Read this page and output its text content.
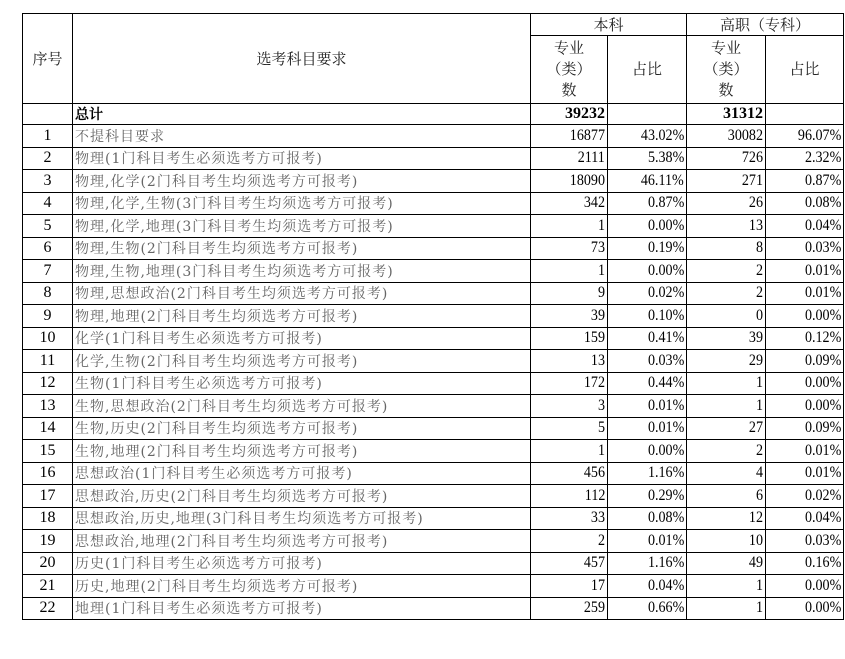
序号	选考科目要求	本科		高职（专科）	
		专业
（类）
数	占比	专业
（类）
数	占比
	总计	39232		31312	
1	不提科目要求	16877	43.02%	30082	96.07%
2	物理(1门科目考生必须选考方可报考)	2111	5.38%	726	2.32%
3	物理,化学(2门科目考生均须选考方可报考)	18090	46.11%	271	0.87%
4	物理,化学,生物(3门科目考生均须选考方可报考)	342	0.87%	26	0.08%
5	物理,化学,地理(3门科目考生均须选考方可报考)	1	0.00%	13	0.04%
6	物理,生物(2门科目考生均须选考方可报考)	73	0.19%	8	0.03%
7	物理,生物,地理(3门科目考生均须选考方可报考)	1	0.00%	2	0.01%
8	物理,思想政治(2门科目考生均须选考方可报考)	9	0.02%	2	0.01%
9	物理,地理(2门科目考生均须选考方可报考)	39	0.10%	0	0.00%
10	化学(1门科目考生必须选考方可报考)	159	0.41%	39	0.12%
11	化学,生物(2门科目考生均须选考方可报考)	13	0.03%	29	0.09%
12	生物(1门科目考生必须选考方可报考)	172	0.44%	1	0.00%
13	生物,思想政治(2门科目考生均须选考方可报考)	3	0.01%	1	0.00%
14	生物,历史(2门科目考生均须选考方可报考)	5	0.01%	27	0.09%
15	生物,地理(2门科目考生均须选考方可报考)	1	0.00%	2	0.01%
16	思想政治(1门科目考生必须选考方可报考)	456	1.16%	4	0.01%
17	思想政治,历史(2门科目考生均须选考方可报考)	112	0.29%	6	0.02%
18	思想政治,历史,地理(3门科目考生均须选考方可报考)	33	0.08%	12	0.04%
19	思想政治,地理(2门科目考生均须选考方可报考)	2	0.01%	10	0.03%
20	历史(1门科目考生必须选考方可报考)	457	1.16%	49	0.16%
21	历史,地理(2门科目考生均须选考方可报考)	17	0.04%	1	0.00%
22	地理(1门科目考生必须选考方可报考)	259	0.66%	1	0.00%
